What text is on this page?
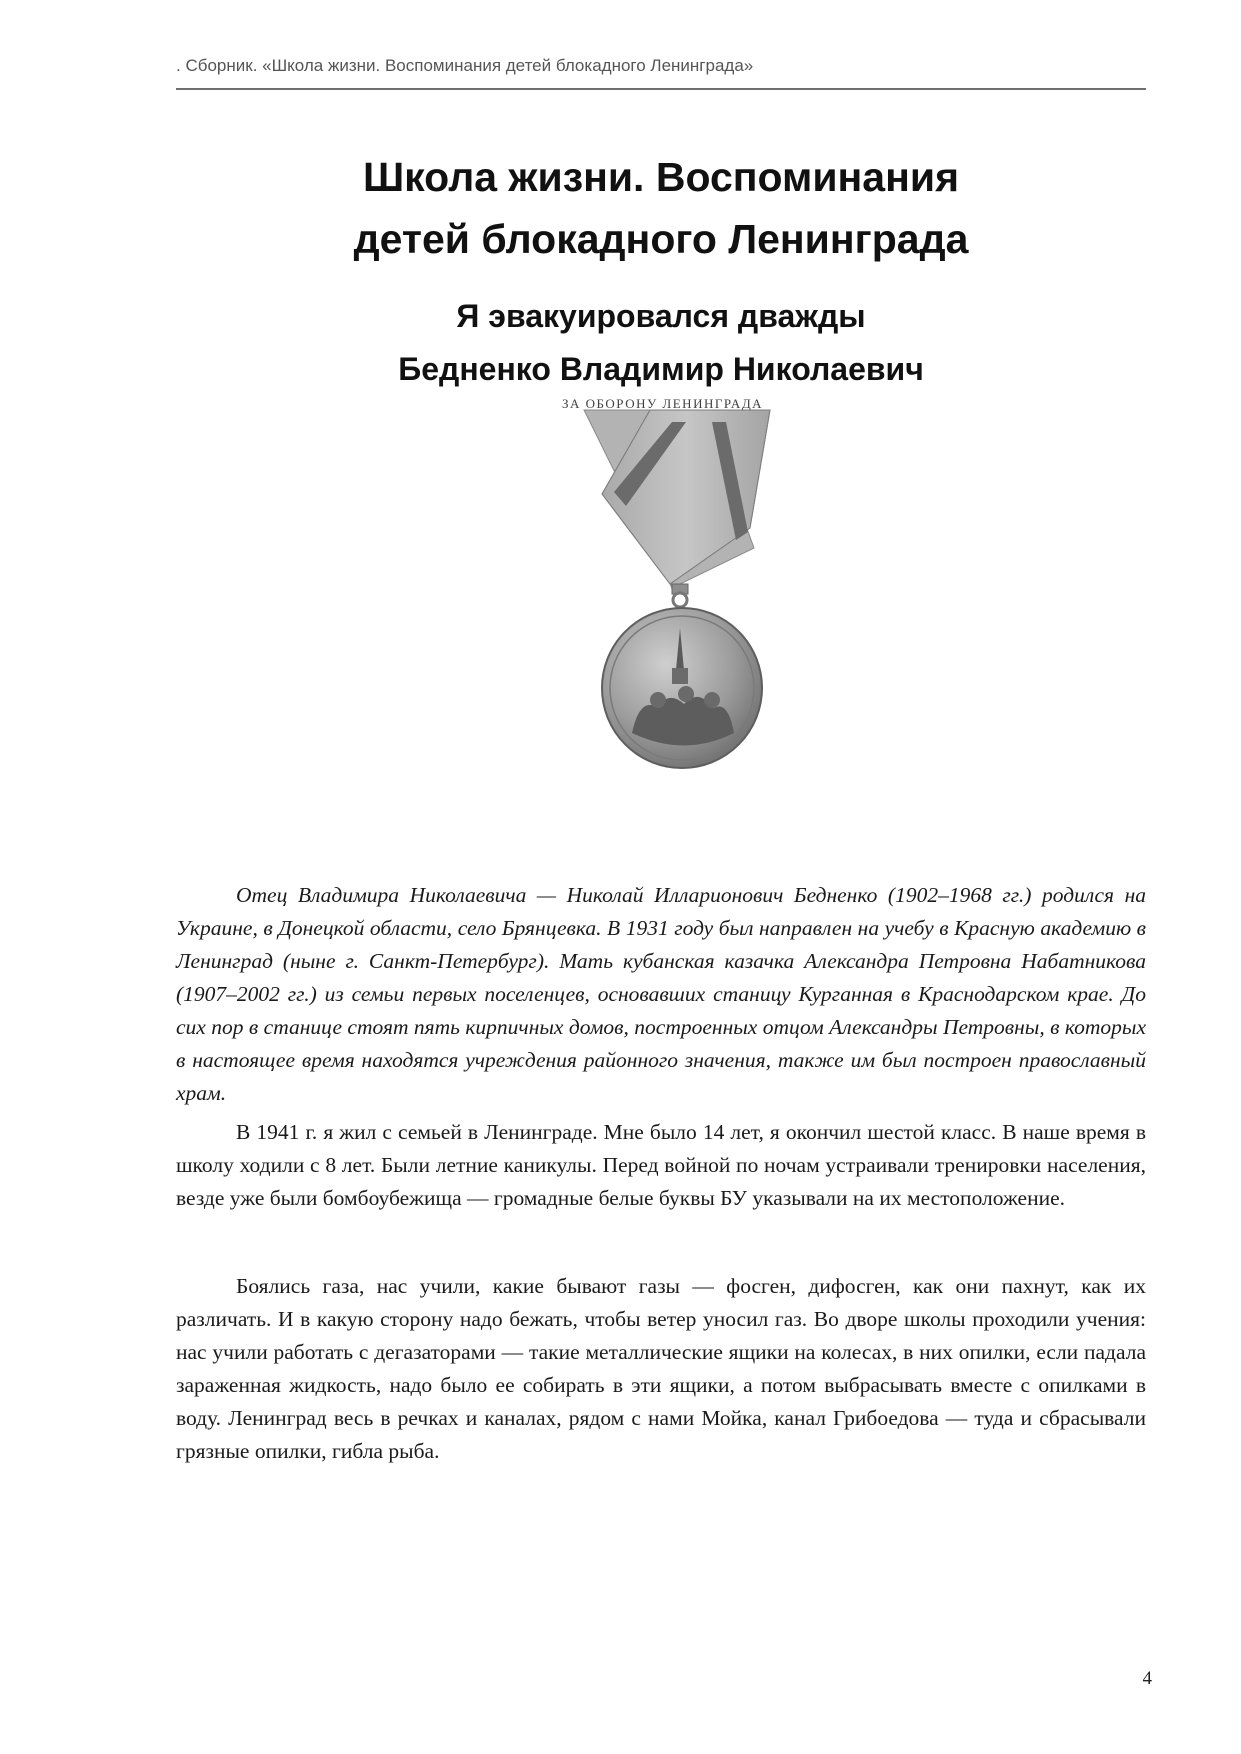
. Сборник. «Школа жизни. Воспоминания детей блокадного Ленинграда»
Школа жизни. Воспоминания
детей блокадного Ленинграда
Я эвакуировался дважды
Бедненко Владимир Николаевич
ЗА ОБОРОНУ ЛЕНИНГРАДА

Отец Владимира Николаевича — Николай Илларионович Бедненко (1902–1968 гг.) родился на Украине, в Донецкой области, село Брянцевка. В 1931 году был направлен на учебу в Красную академию в Ленинград (ныне г. Санкт-Петербург). Мать кубанская казачка Александра Петровна Набатникова (1907–2002 гг.) из семьи первых поселенцев, основавших станицу Курганная в Краснодарском крае. До сих пор в станице стоят пять кирпичных домов, построенных отцом Александры Петровны, в которых в настоящее время находятся учреждения районного значения, также им был построен православный храм.

В 1941 г. я жил с семьей в Ленинграде. Мне было 14 лет, я окончил шестой класс. В наше время в школу ходили с 8 лет. Были летние каникулы. Перед войной по ночам устраивали тренировки населения, везде уже были бомбоубежища — громадные белые буквы БУ указывали на их местоположение.

Боялись газа, нас учили, какие бывают газы — фосген, дифосген, как они пахнут, как их различать. И в какую сторону надо бежать, чтобы ветер уносил газ. Во дворе школы проходили учения: нас учили работать с дегазаторами — такие металлические ящики на колесах, в них опилки, если падала зараженная жидкость, надо было ее собирать в эти ящики, а потом выбрасывать вместе с опилками в воду. Ленинград весь в речках и каналах, рядом с нами Мойка, канал Грибоедова — туда и сбрасывали грязные опилки, гибла рыба.

4
